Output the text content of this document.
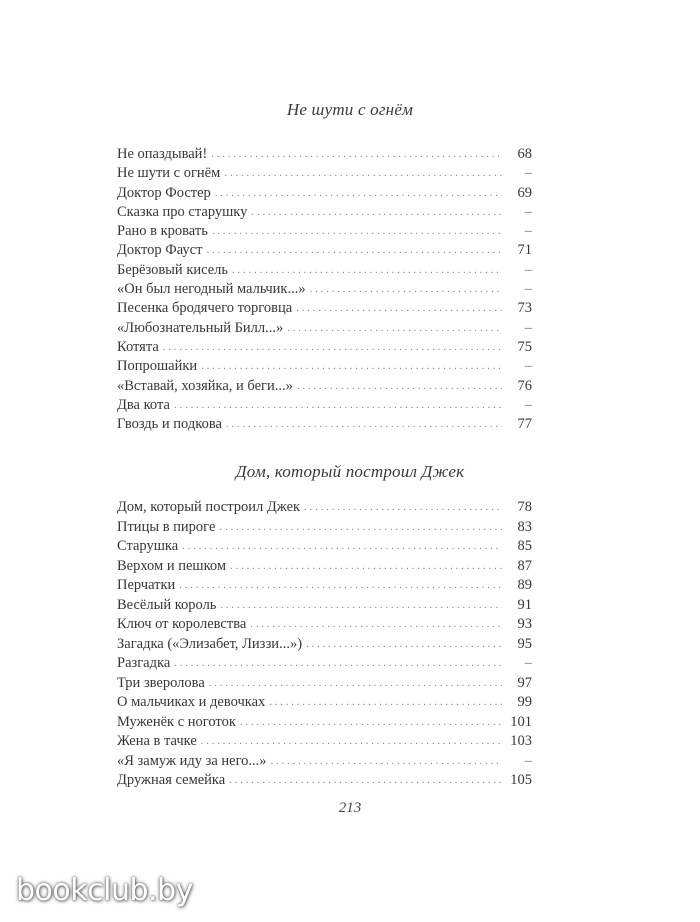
Не шути с огнём
Не опаздывай! . . .	68
Не шути с огнём . . .	–
Доктор Фостер . . .	69
Сказка про старушку . . .	–
Рано в кровать . . .	–
Доктор Фауст . . .	71
Берёзовый кисель . . .	–
«Он был негодный мальчик...» . . .	–
Песенка бродячего торговца . . .	73
«Любознательный Билл...» . . .	–
Котята . . .	75
Попрошайки . . .	–
«Вставай, хозяйка, и беги...» . . .	76
Два кота . . .	–
Гвоздь и подкова . . .	77
Дом, который построил Джек
Дом, который построил Джек . . .	78
Птицы в пироге . . .	83
Старушка . . .	85
Верхом и пешком . . .	87
Перчатки . . .	89
Весёлый король . . .	91
Ключ от королевства . . .	93
Загадка («Элизабет, Лиззи...») . . .	95
Разгадка . . .	–
Три зверолова . . .	97
О мальчиках и девочках . . .	99
Муженёк с ноготок . . .	101
Жена в тачке . . .	103
«Я замуж иду за него...» . . .	–
Дружная семейка . . .	105
213
bookclub.by
